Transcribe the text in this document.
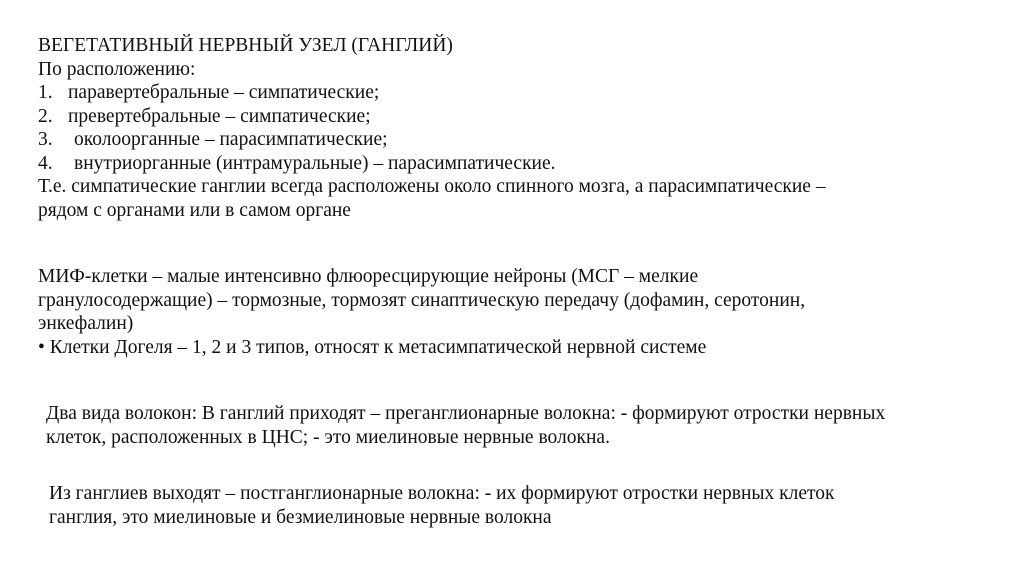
ВЕГЕТАТИВНЫЙ НЕРВНЫЙ УЗЕЛ (ГАНГЛИЙ)
По расположению:
1. паравертебральные – симпатические;
2. превертебральные – симпатические;
3. околоорганные – парасимпатические;
4. внутриорганные (интрамуральные) – парасимпатические.
Т.е. симпатические ганглии всегда расположены около спинного мозга, а парасимпатические –
рядом с органами или в самом органе
МИФ-клетки – малые интенсивно флюоресцирующие нейроны (МСГ – мелкие
гранулосодержащие) – тормозные, тормозят синаптическую передачу (дофамин, серотонин,
энкефалин)
• Клетки Догеля – 1, 2 и 3 типов, относят к метасимпатической нервной системе
Два вида волокон: В ганглий приходят – преганглионарные волокна: - формируют отростки нервных
клеток, расположенных в ЦНС; - это миелиновые нервные волокна.
Из ганглиев выходят – постганглионарные волокна: - их формируют отростки нервных клеток
ганглия, это миелиновые и безмиелиновые нервные волокна
